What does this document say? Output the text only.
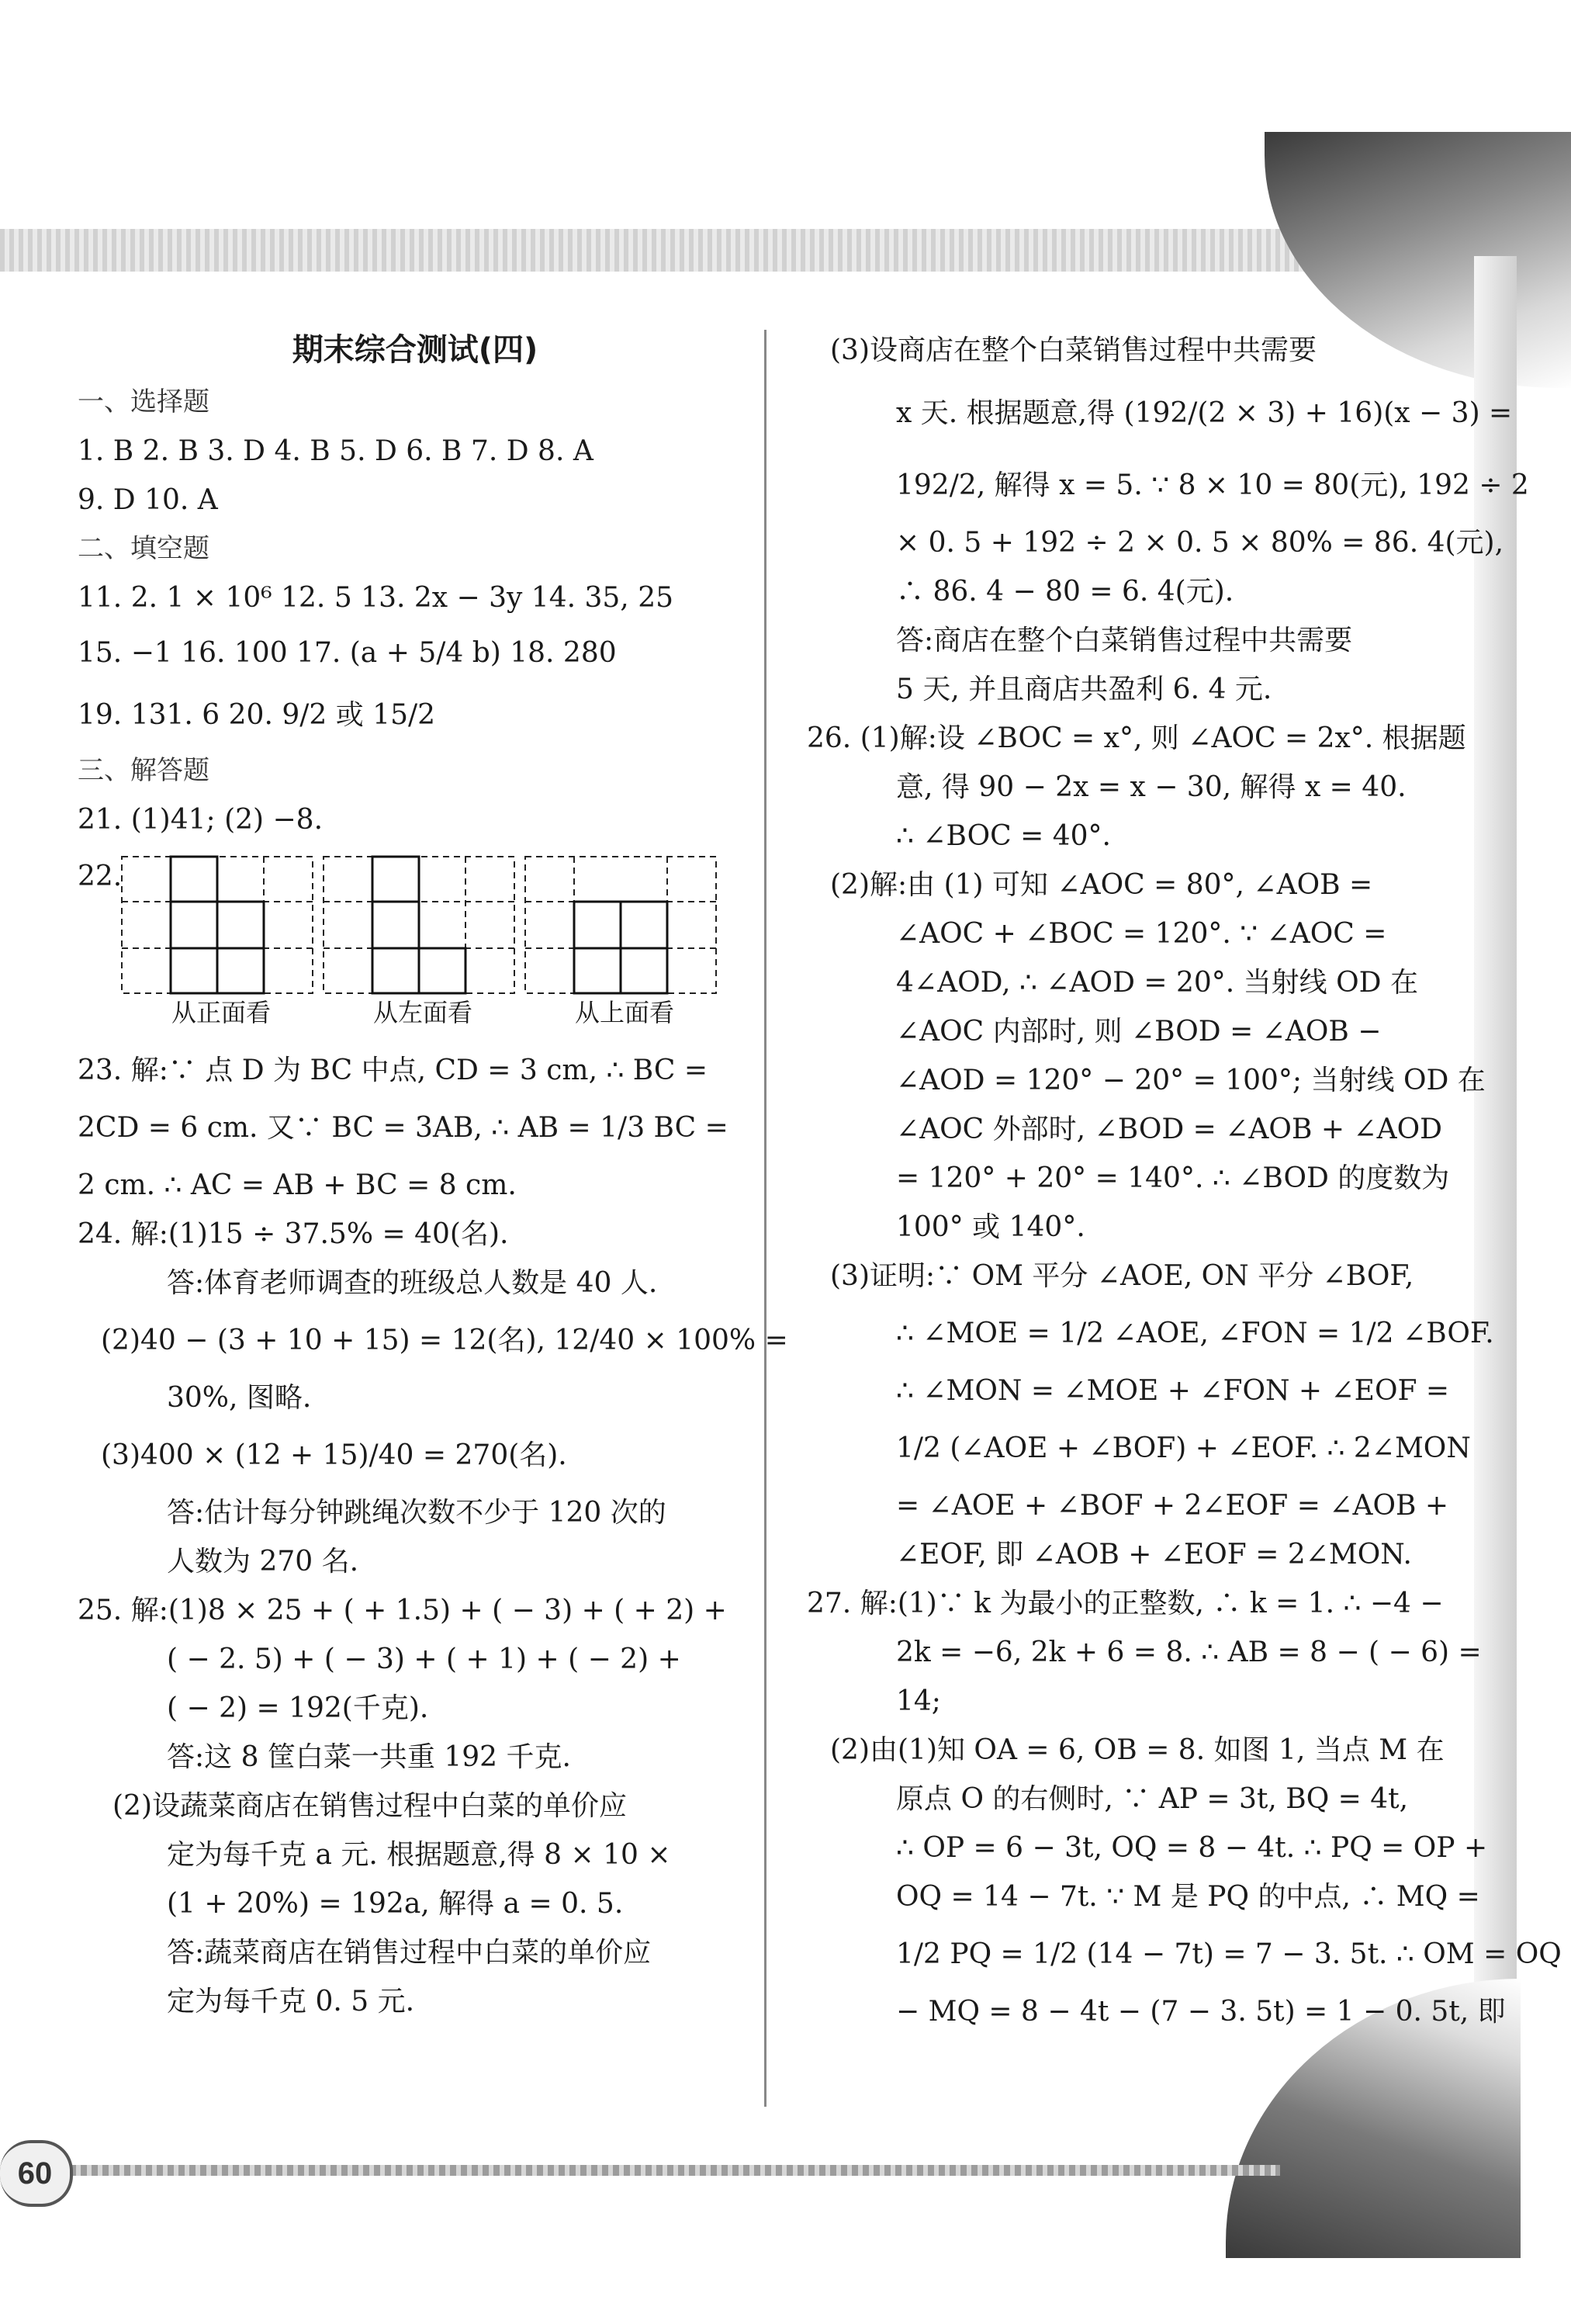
60
期末综合测试(四)
一、选择题
1. B 2. B 3. D 4. B 5. D 6. B 7. D 8. A
9. D 10. A
二、填空题
11. 2. 1 × 10⁶ 12. 5 13. 2x − 3y 14. 35, 25
15. −1 16. 100 17. (a + 5/4 b) 18. 280
19. 131. 6 20. 9/2 或 15/2
三、解答题
21. (1)41; (2) −8.
22.
从正面看	从左面看	从上面看
23. 解:∵ 点 D 为 BC 中点, CD = 3 cm, ∴ BC =
2CD = 6 cm. 又∵ BC = 3AB, ∴ AB = 1/3 BC =
2 cm. ∴ AC = AB + BC = 8 cm.
24. 解:(1)15 ÷ 37.5% = 40(名).
答:体育老师调查的班级总人数是 40 人.
(2)40 − (3 + 10 + 15) = 12(名), 12/40 × 100% =
30%, 图略.
(3)400 × (12 + 15)/40 = 270(名).
答:估计每分钟跳绳次数不少于 120 次的
人数为 270 名.
25. 解:(1)8 × 25 + ( + 1.5) + ( − 3) + ( + 2) +
( − 2. 5) + ( − 3) + ( + 1) + ( − 2) +
( − 2) = 192(千克).
答:这 8 筐白菜一共重 192 千克.
(2)设蔬菜商店在销售过程中白菜的单价应
定为每千克 a 元. 根据题意,得 8 × 10 ×
(1 + 20%) = 192a, 解得 a = 0. 5.
答:蔬菜商店在销售过程中白菜的单价应
定为每千克 0. 5 元.
(3)设商店在整个白菜销售过程中共需要
x 天. 根据题意,得 (192/(2 × 3) + 16)(x − 3) =
192/2, 解得 x = 5. ∵ 8 × 10 = 80(元), 192 ÷ 2
× 0. 5 + 192 ÷ 2 × 0. 5 × 80% = 86. 4(元),
∴ 86. 4 − 80 = 6. 4(元).
答:商店在整个白菜销售过程中共需要
5 天, 并且商店共盈利 6. 4 元.
26. (1)解:设 ∠BOC = x°, 则 ∠AOC = 2x°. 根据题
意, 得 90 − 2x = x − 30, 解得 x = 40.
∴ ∠BOC = 40°.
(2)解:由 (1) 可知 ∠AOC = 80°, ∠AOB =
∠AOC + ∠BOC = 120°. ∵ ∠AOC =
4∠AOD, ∴ ∠AOD = 20°. 当射线 OD 在
∠AOC 内部时, 则 ∠BOD = ∠AOB −
∠AOD = 120° − 20° = 100°; 当射线 OD 在
∠AOC 外部时, ∠BOD = ∠AOB + ∠AOD
= 120° + 20° = 140°. ∴ ∠BOD 的度数为
100° 或 140°.
(3)证明:∵ OM 平分 ∠AOE, ON 平分 ∠BOF,
∴ ∠MOE = 1/2 ∠AOE, ∠FON = 1/2 ∠BOF.
∴ ∠MON = ∠MOE + ∠FON + ∠EOF =
1/2 (∠AOE + ∠BOF) + ∠EOF. ∴ 2∠MON
= ∠AOE + ∠BOF + 2∠EOF = ∠AOB +
∠EOF, 即 ∠AOB + ∠EOF = 2∠MON.
27. 解:(1)∵ k 为最小的正整数, ∴ k = 1. ∴ −4 −
2k = −6, 2k + 6 = 8. ∴ AB = 8 − ( − 6) =
14;
(2)由(1)知 OA = 6, OB = 8. 如图 1, 当点 M 在
原点 O 的右侧时, ∵ AP = 3t, BQ = 4t,
∴ OP = 6 − 3t, OQ = 8 − 4t. ∴ PQ = OP +
OQ = 14 − 7t. ∵ M 是 PQ 的中点, ∴ MQ =
1/2 PQ = 1/2 (14 − 7t) = 7 − 3. 5t. ∴ OM = OQ
− MQ = 8 − 4t − (7 − 3. 5t) = 1 − 0. 5t, 即
